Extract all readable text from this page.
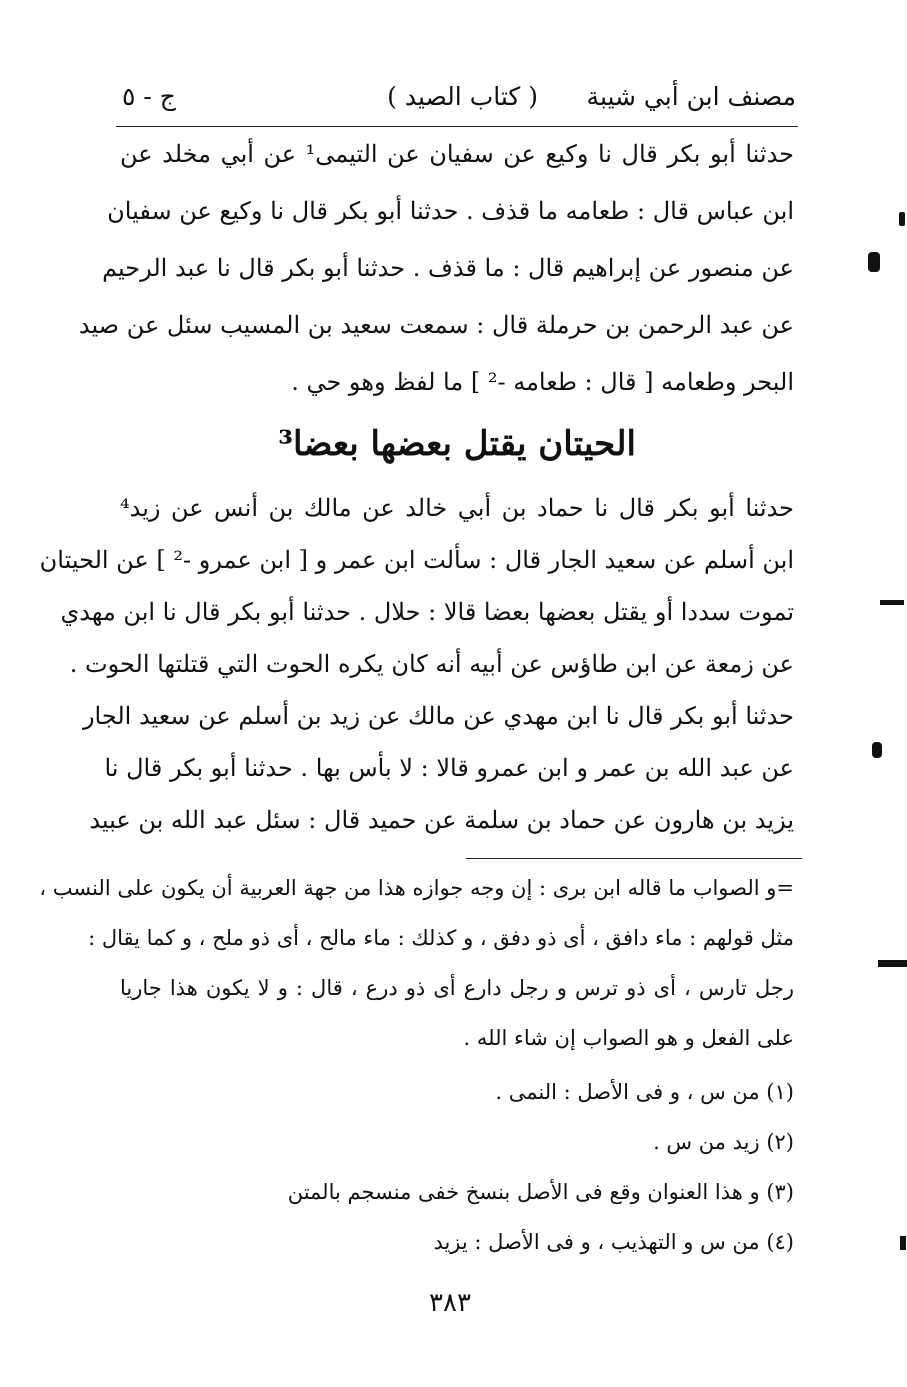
مصنف ابن أبي شيبة
( كتاب الصيد )
ج - ٥
حدثنا أبو بكر قال نا وكيع عن سفيان عن التيمى¹ عن أبي مخلد عن
ابن عباس قال : طعامه ما قذف . حدثنا أبو بكر قال نا وكيع عن سفيان
عن منصور عن إبراهيم قال : ما قذف . حدثنا أبو بكر قال نا عبد الرحيم
عن عبد الرحمن بن حرملة قال : سمعت سعيد بن المسيب سئل عن صيد
البحر وطعامه [ قال : طعامه -² ] ما لفظ وهو حي .
الحيتان يقتل بعضها بعضا³
حدثنا أبو بكر قال نا حماد بن أبي خالد عن مالك بن أنس عن زيد⁴
ابن أسلم عن سعيد الجار قال : سألت ابن عمر و [ ابن عمرو -² ] عن الحيتان
تموت سددا أو يقتل بعضها بعضا قالا : حلال . حدثنا أبو بكر قال نا ابن مهدي
عن زمعة عن ابن طاؤس عن أبيه أنه كان يكره الحوت التي قتلتها الحوت .
حدثنا أبو بكر قال نا ابن مهدي عن مالك عن زيد بن أسلم عن سعيد الجار
عن عبد الله بن عمر و ابن عمرو قالا : لا بأس بها . حدثنا أبو بكر قال نا
يزيد بن هارون عن حماد بن سلمة عن حميد قال : سئل عبد الله بن عبيد
=و الصواب ما قاله ابن برى : إن وجه جوازه هذا من جهة العربية أن يكون على النسب ،
مثل قولهم : ماء دافق ، أى ذو دفق ، و كذلك : ماء مالح ، أى ذو ملح ، و كما يقال :
رجل تارس ، أى ذو ترس و رجل دارع أى ذو درع ، قال : و لا يكون هذا جاريا
على الفعل و هو الصواب إن شاء الله .
(١) من س ، و فى الأصل : النمى .
(٢) زيد من س .
(٣) و هذا العنوان وقع فى الأصل بنسخ خفى منسجم بالمتن
(٤) من س و التهذيب ، و فى الأصل : يزيد
٣٨٣
